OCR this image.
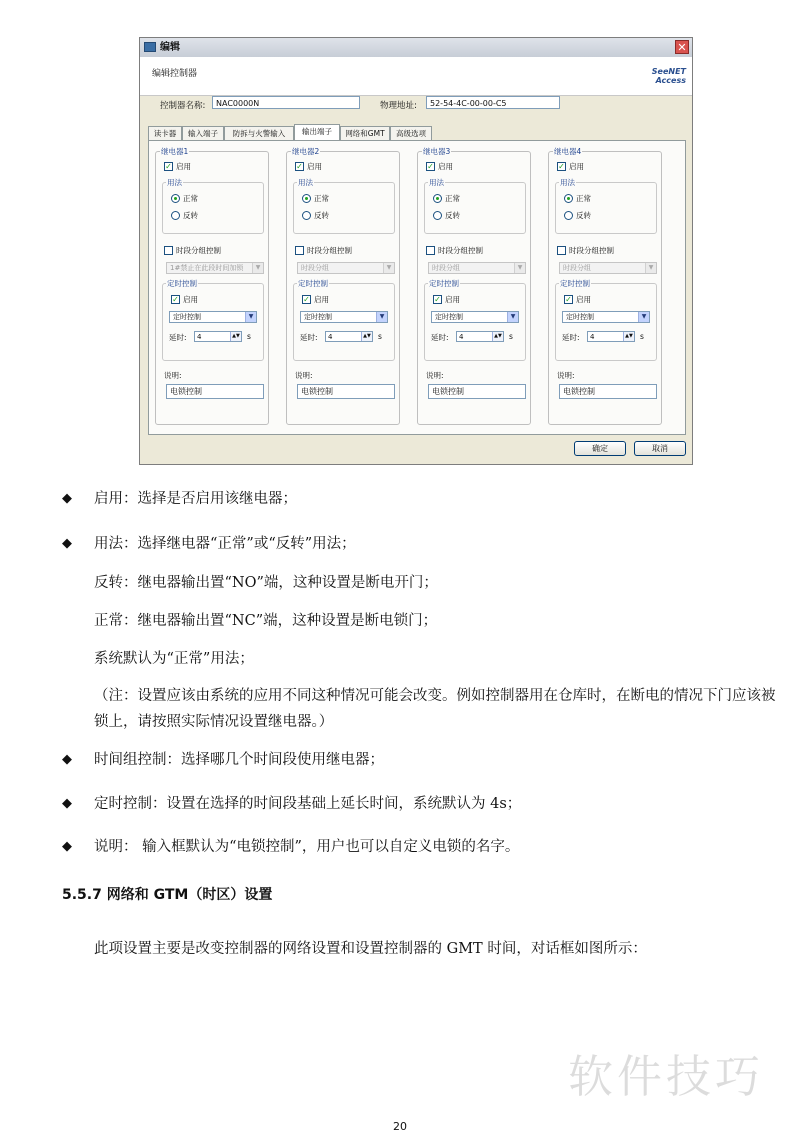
编辑	✕
编辑控制器	SeeNET
Access
控制器名称:	NAC0000N	物理地址:	52-54-4C-00-00-C5
读卡器	输入端子	防拆与火警输入	输出端子	网络和GMT	高级选项
继电器1
✓ 启用
用法
正常
反转
时段分组控制
1#禁止在此段时间加锁	▼
定时控制
✓ 启用
定时控制	▼
延时:	4	▲▼ s
说明:
电锁控制
继电器2
✓ 启用
用法
正常
反转
时段分组控制
时段分组	▼
定时控制
✓ 启用
定时控制	▼
延时:	4	▲▼ s
说明:
电锁控制
继电器3
✓ 启用
用法
正常
反转
时段分组控制
时段分组	▼
定时控制
✓ 启用
定时控制	▼
延时:	4	▲▼ s
说明:
电锁控制
继电器4
✓ 启用
用法
正常
反转
时段分组控制
时段分组	▼
定时控制
✓ 启用
定时控制	▼
延时:	4	▲▼ s
说明:
电锁控制
确定	取消
◆ 启用：选择是否启用该继电器；
◆ 用法：选择继电器“正常”或“反转”用法；
反转：继电器输出置“NO”端，这种设置是断电开门；
正常：继电器输出置“NC”端，这种设置是断电锁门；
系统默认为“正常”用法；
（注：设置应该由系统的应用不同这种情况可能会改变。例如控制器用在仓库时，在断电的情况下门应该被锁上，请按照实际情况设置继电器。）
◆ 时间组控制：选择哪几个时间段使用继电器；
◆ 定时控制：设置在选择的时间段基础上延长时间，系统默认为 4s；
◆ 说明： 输入框默认为“电锁控制”，用户也可以自定义电锁的名字。
5.5.7 网络和 GTM（时区）设置
此项设置主要是改变控制器的网络设置和设置控制器的 GMT 时间，对话框如图所示：
软件技巧
20
